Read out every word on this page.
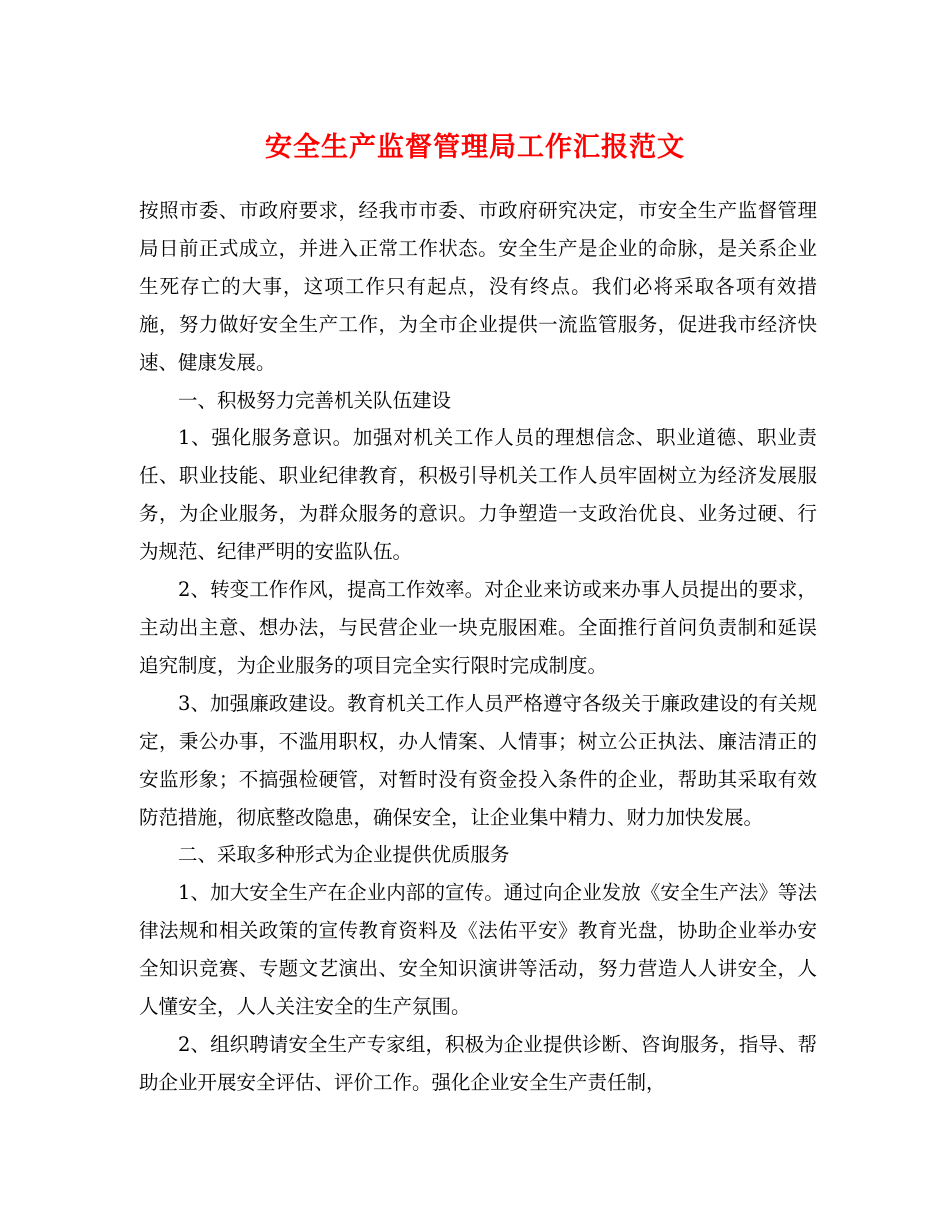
安全生产监督管理局工作汇报范文

按照市委、市政府要求，经我市市委、市政府研究决定，市安全生产监督管理局日前正式成立，并进入正常工作状态。安全生产是企业的命脉，是关系企业生死存亡的大事，这项工作只有起点，没有终点。我们必将采取各项有效措施，努力做好安全生产工作，为全市企业提供一流监管服务，促进我市经济快速、健康发展。

一、积极努力完善机关队伍建设

1、强化服务意识。加强对机关工作人员的理想信念、职业道德、职业责任、职业技能、职业纪律教育，积极引导机关工作人员牢固树立为经济发展服务，为企业服务，为群众服务的意识。力争塑造一支政治优良、业务过硬、行为规范、纪律严明的安监队伍。

2、转变工作作风，提高工作效率。对企业来访或来办事人员提出的要求，主动出主意、想办法，与民营企业一块克服困难。全面推行首问负责制和延误追究制度，为企业服务的项目完全实行限时完成制度。

3、加强廉政建设。教育机关工作人员严格遵守各级关于廉政建设的有关规定，秉公办事，不滥用职权，办人情案、人情事；树立公正执法、廉洁清正的安监形象；不搞强检硬管，对暂时没有资金投入条件的企业，帮助其采取有效防范措施，彻底整改隐患，确保安全，让企业集中精力、财力加快发展。

二、采取多种形式为企业提供优质服务

1、加大安全生产在企业内部的宣传。通过向企业发放《安全生产法》等法律法规和相关政策的宣传教育资料及《法佑平安》教育光盘，协助企业举办安全知识竞赛、专题文艺演出、安全知识演讲等活动，努力营造人人讲安全，人人懂安全，人人关注安全的生产氛围。

2、组织聘请安全生产专家组，积极为企业提供诊断、咨询服务，指导、帮助企业开展安全评估、评价工作。强化企业安全生产责任制，
